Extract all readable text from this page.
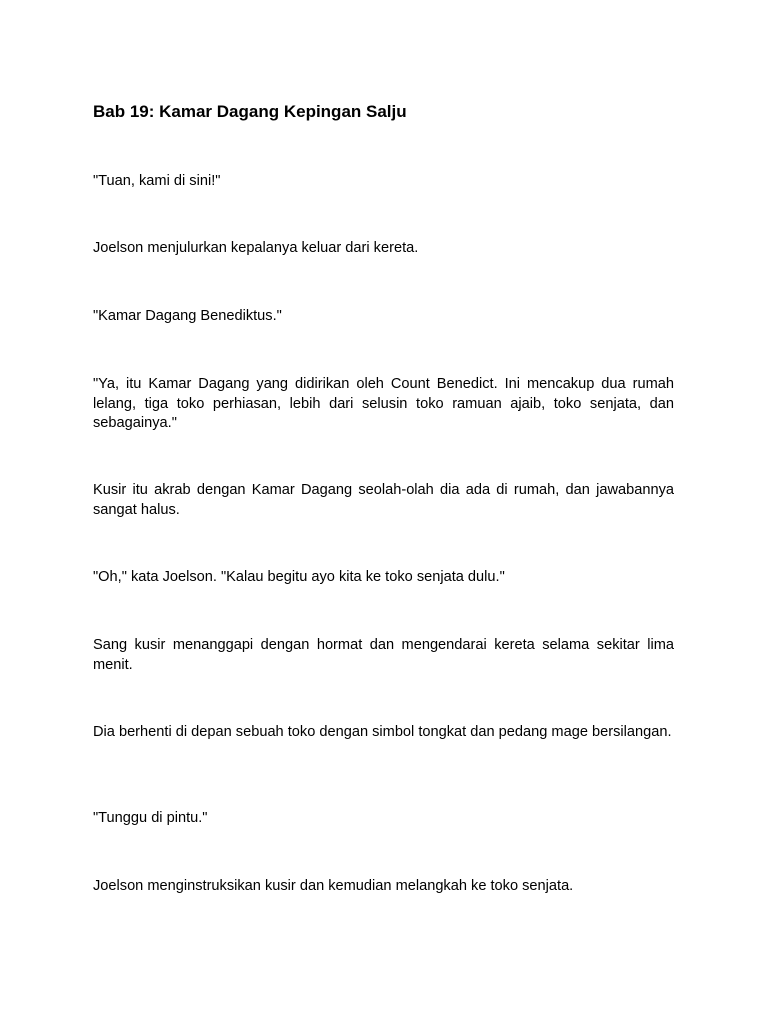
Bab 19: Kamar Dagang Kepingan Salju

"Tuan, kami di sini!"

Joelson menjulurkan kepalanya keluar dari kereta.

"Kamar Dagang Benediktus."

"Ya, itu Kamar Dagang yang didirikan oleh Count Benedict. Ini mencakup dua rumah lelang, tiga toko perhiasan, lebih dari selusin toko ramuan ajaib, toko senjata, dan sebagainya."

Kusir itu akrab dengan Kamar Dagang seolah-olah dia ada di rumah, dan jawabannya sangat halus.

"Oh," kata Joelson. "Kalau begitu ayo kita ke toko senjata dulu."

Sang kusir menanggapi dengan hormat dan mengendarai kereta selama sekitar lima menit.

Dia berhenti di depan sebuah toko dengan simbol tongkat dan pedang mage bersilangan.

"Tunggu di pintu."

Joelson menginstruksikan kusir dan kemudian melangkah ke toko senjata.
